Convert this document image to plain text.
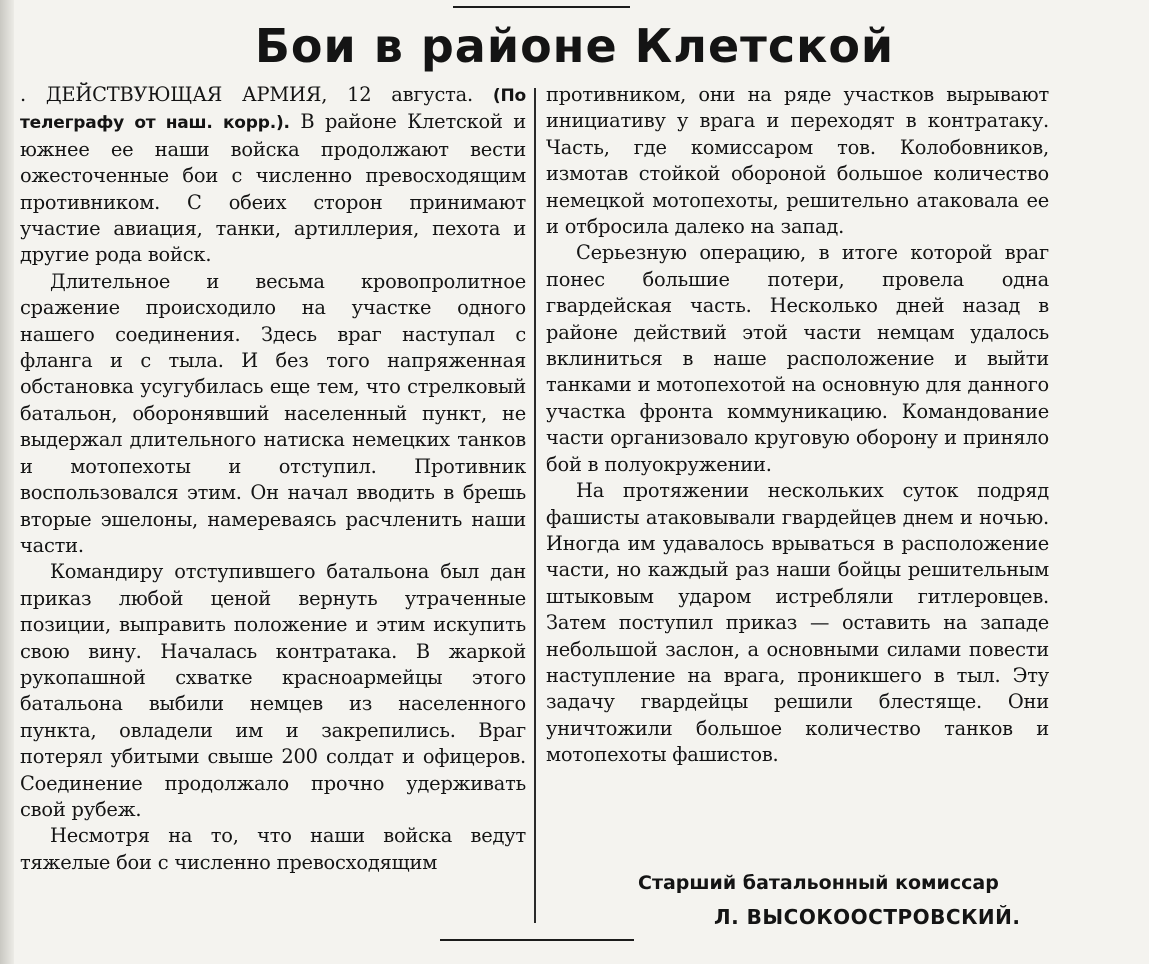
Бои в районе Клетской

. ДЕЙСТВУЮЩАЯ АРМИЯ, 12 августа. (По телеграфу от наш. корр.). В районе Клетской и южнее ее наши войска продолжают вести ожесточенные бои с численно превосходящим противником. С обеих сторон принимают участие авиация, танки, артиллерия, пехота и другие рода войск.

Длительное и весьма кровопролитное сражение происходило на участке одного нашего соединения. Здесь враг наступал с фланга и с тыла. И без того напряженная обстановка усугубилась еще тем, что стрелковый батальон, оборонявший населенный пункт, не выдержал длительного натиска немецких танков и мотопехоты и отступил. Противник воспользовался этим. Он начал вводить в брешь вторые эшелоны, намереваясь расчленить наши части.

Командиру отступившего батальона был дан приказ любой ценой вернуть утраченные позиции, выправить положение и этим искупить свою вину. Началась контратака. В жаркой рукопашной схватке красноармейцы этого батальона выбили немцев из населенного пункта, овладели им и закрепились. Враг потерял убитыми свыше 200 солдат и офицеров. Соединение продолжало прочно удерживать свой рубеж.

Несмотря на то, что наши войска ведут тяжелые бои с численно превосходящим

противником, они на ряде участков вырывают инициативу у врага и переходят в контратаку. Часть, где комиссаром тов. Колобовников, измотав стойкой обороной большое количество немецкой мотопехоты, решительно атаковала ее и отбросила далеко на запад.

Серьезную операцию, в итоге которой враг понес большие потери, провела одна гвардейская часть. Несколько дней назад в районе действий этой части немцам удалось вклиниться в наше расположение и выйти танками и мотопехотой на основную для данного участка фронта коммуникацию. Командование части организовало круговую оборону и приняло бой в полуокружении.

На протяжении нескольких суток подряд фашисты атаковывали гвардейцев днем и ночью. Иногда им удавалось врываться в расположение части, но каждый раз наши бойцы решительным штыковым ударом истребляли гитлеровцев. Затем поступил приказ — оставить на западе небольшой заслон, а основными силами повести наступление на врага, проникшего в тыл. Эту задачу гвардейцы решили блестяще. Они уничтожили большое количество танков и мотопехоты фашистов.

Старший батальонный комиссар
Л. ВЫСОКООСТРОВСКИЙ.
